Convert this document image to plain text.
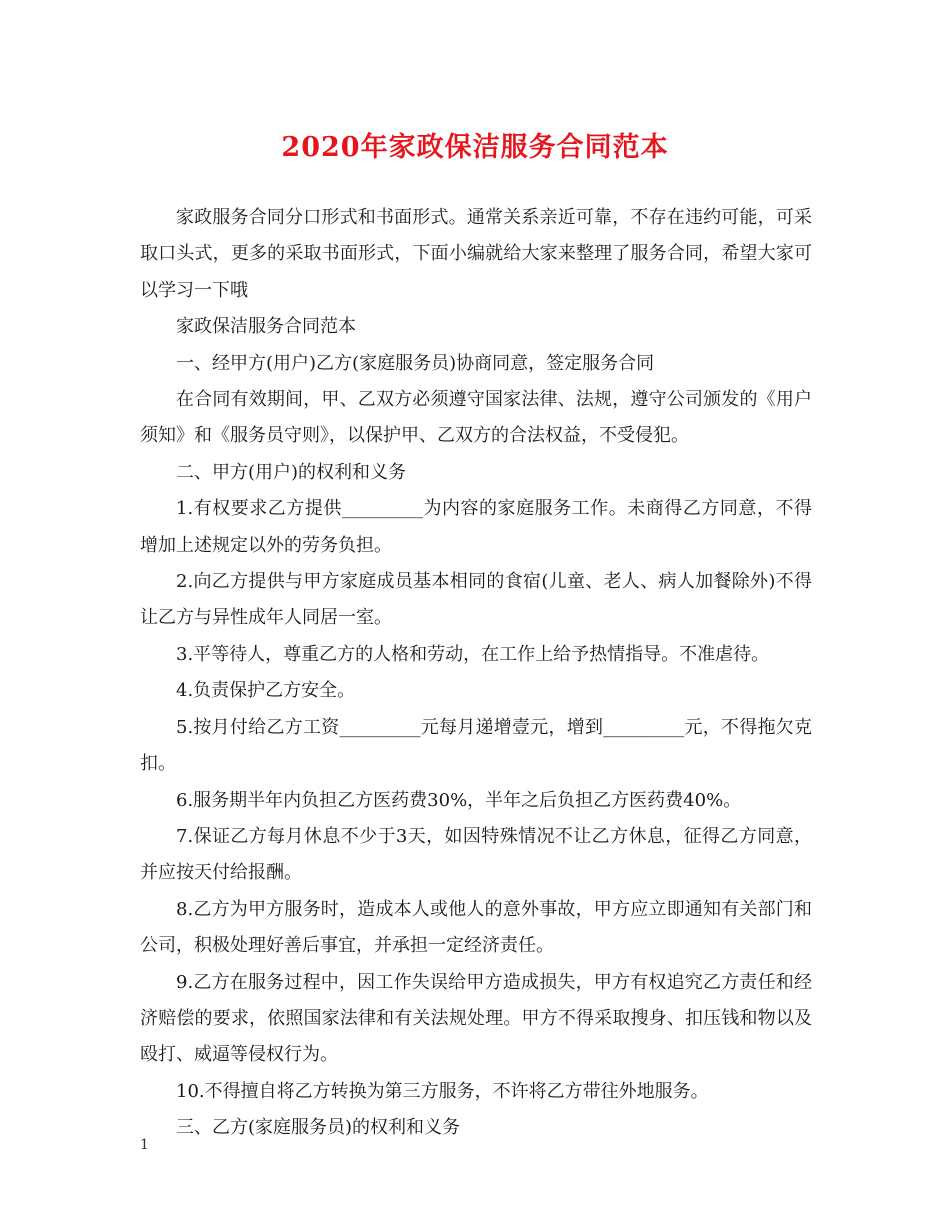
2020年家政保洁服务合同范本

家政服务合同分口形式和书面形式。通常关系亲近可靠，不存在违约可能，可采取口头式，更多的采取书面形式，下面小编就给大家来整理了服务合同，希望大家可以学习一下哦

家政保洁服务合同范本

一、经甲方(用户)乙方(家庭服务员)协商同意，签定服务合同

在合同有效期间，甲、乙双方必须遵守国家法律、法规，遵守公司颁发的《用户须知》和《服务员守则》，以保护甲、乙双方的合法权益，不受侵犯。

二、甲方(用户)的权利和义务

1.有权要求乙方提供_________为内容的家庭服务工作。未商得乙方同意，不得增加上述规定以外的劳务负担。

2.向乙方提供与甲方家庭成员基本相同的食宿(儿童、老人、病人加餐除外)不得让乙方与异性成年人同居一室。

3.平等待人，尊重乙方的人格和劳动，在工作上给予热情指导。不准虐待。

4.负责保护乙方安全。

5.按月付给乙方工资_________元每月递增壹元，增到_________元，不得拖欠克扣。

6.服务期半年内负担乙方医药费30%，半年之后负担乙方医药费40%。

7.保证乙方每月休息不少于3天，如因特殊情况不让乙方休息，征得乙方同意，并应按天付给报酬。

8.乙方为甲方服务时，造成本人或他人的意外事故，甲方应立即通知有关部门和公司，积极处理好善后事宜，并承担一定经济责任。

9.乙方在服务过程中，因工作失误给甲方造成损失，甲方有权追究乙方责任和经济赔偿的要求，依照国家法律和有关法规处理。甲方不得采取搜身、扣压钱和物以及殴打、威逼等侵权行为。

10.不得擅自将乙方转换为第三方服务，不许将乙方带往外地服务。

三、乙方(家庭服务员)的权利和义务

1
